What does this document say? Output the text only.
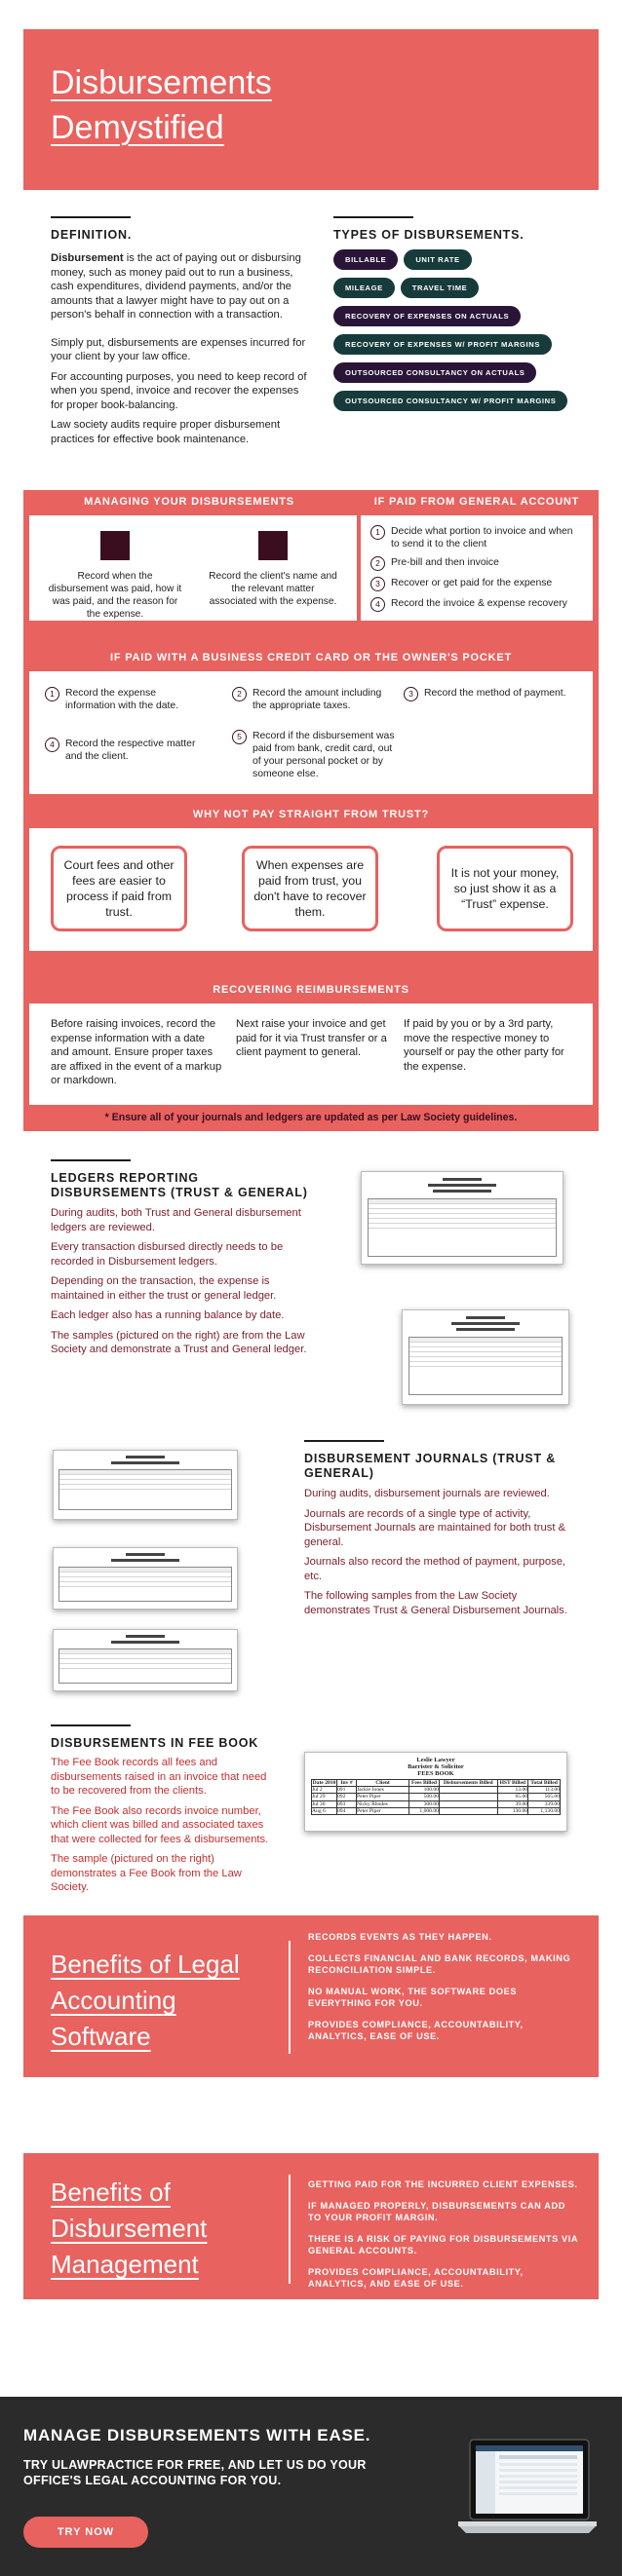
Disbursements
Demystified
DEFINITION.

Disbursement is the act of paying out or disbursing money, such as money paid out to run a business, cash expenditures, dividend payments, and/or the amounts that a lawyer might have to pay out on a person's behalf in connection with a transaction.

Simply put, disbursements are expenses incurred for your client by your law office.

For accounting purposes, you need to keep record of when you spend, invoice and recover the expenses for proper book-balancing.

Law society audits require proper disbursement practices for effective book maintenance.

TYPES OF DISBURSEMENTS.
BILLABLE	UNIT RATE
MILEAGE	TRAVEL TIME
RECOVERY OF EXPENSES ON ACTUALS
RECOVERY OF EXPENSES W/ PROFIT MARGINS
OUTSOURCED CONSULTANCY ON ACTUALS
OUTSOURCED CONSULTANCY W/ PROFIT MARGINS
MANAGING YOUR DISBURSEMENTS	IF PAID FROM GENERAL ACCOUNT
Record when the disbursement was paid, how it was paid, and the reason for the expense.
Record the client's name and the relevant matter associated with the expense.
1	Decide what portion to invoice and when to send it to the client
2	Pre-bill and then invoice
3	Recover or get paid for the expense
4	Record the invoice & expense recovery
IF PAID WITH A BUSINESS CREDIT CARD OR THE OWNER'S POCKET
1	Record the expense information with the date.
2	Record the amount including the appropriate taxes.
3	Record the method of payment.
4	Record the respective matter and the client.
5	Record if the disbursement was paid from bank, credit card, out of your personal pocket or by someone else.
WHY NOT PAY STRAIGHT FROM TRUST?
Court fees and other fees are easier to process if paid from trust.
When expenses are paid from trust, you don't have to recover them.
It is not your money, so just show it as a “Trust” expense.
RECOVERING REIMBURSEMENTS

Before raising invoices, record the expense information with a date and amount. Ensure proper taxes are affixed in the event of a markup or markdown.

Next raise your invoice and get paid for it via Trust transfer or a client payment to general.

If paid by you or by a 3rd party, move the respective money to yourself or pay the other party for the expense.

* Ensure all of your journals and ledgers are updated as per Law Society guidelines.
LEDGERS REPORTING DISBURSEMENTS (TRUST & GENERAL)

During audits, both Trust and General disbursement ledgers are reviewed.

Every transaction disbursed directly needs to be recorded in Disbursement ledgers.

Depending on the transaction, the expense is maintained in either the trust or general ledger.

Each ledger also has a running balance by date.

The samples (pictured on the right) are from the Law Society and demonstrate a Trust and General ledger.

DISBURSEMENT JOURNALS (TRUST & GENERAL)

During audits, disbursement journals are reviewed.

Journals are records of a single type of activity, Disbursement Journals are maintained for both trust & general.

Journals also record the method of payment, purpose, etc.

The following samples from the Law Society demonstrates Trust & General Disbursement Journals.

DISBURSEMENTS IN FEE BOOK

The Fee Book records all fees and disbursements raised in an invoice that need to be recovered from the clients.

The Fee Book also records invoice number, which client was billed and associated taxes that were collected for fees & disbursements.

The sample (pictured on the right) demonstrates a Fee Book from the Law Society.

Leslie Lawyer
Barrister & Solicitor
FEES BOOK
Date 2010	Inv #	Client	Fees Billed	Disbursements Billed	HST Billed	Total Billed
Jul 2	091	Jackie Jones	100.00		13.00	113.00
Jul 29	092	Peter Piper	500.00		65.00	565.00
Jul 30	093	Nicky Rhodes	300.00		39.00	339.00
Aug 6	094	Peter Piper	1,000.00		130.00	1,130.00
Benefits of Legal
Accounting
Software
RECORDS EVENTS AS THEY HAPPEN.
COLLECTS FINANCIAL AND BANK RECORDS, MAKING RECONCILIATION SIMPLE.
NO MANUAL WORK, THE SOFTWARE DOES EVERYTHING FOR YOU.
PROVIDES COMPLIANCE, ACCOUNTABILITY, ANALYTICS, EASE OF USE.
Benefits of
Disbursement
Management
GETTING PAID FOR THE INCURRED CLIENT EXPENSES.
IF MANAGED PROPERLY, DISBURSEMENTS CAN ADD TO YOUR PROFIT MARGIN.
THERE IS A RISK OF PAYING FOR DISBURSEMENTS VIA GENERAL ACCOUNTS.
PROVIDES COMPLIANCE, ACCOUNTABILITY, ANALYTICS, AND EASE OF USE.
MANAGE DISBURSEMENTS WITH EASE.
TRY ULAWPRACTICE FOR FREE, AND LET US DO YOUR OFFICE'S LEGAL ACCOUNTING FOR YOU.
TRY NOW
